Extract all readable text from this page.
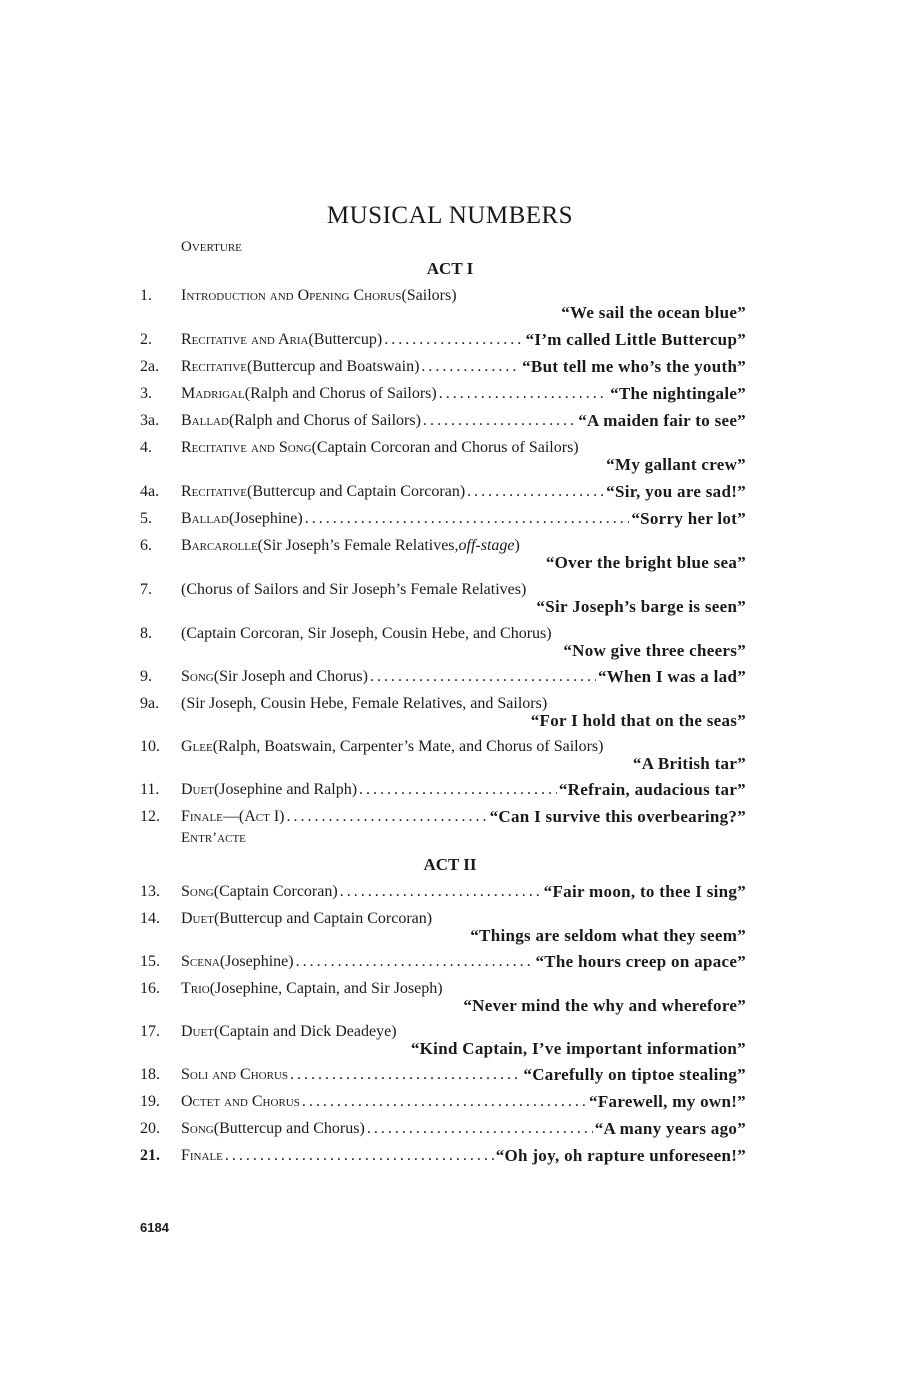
MUSICAL NUMBERS
Overture
ACT I
1.	Introduction and Opening Chorus (Sailors)
“We sail the ocean blue”
2.	Recitative and Aria (Buttercup) .....	“I’m called Little Buttercup”
2a.	Recitative (Buttercup and Boatswain) .....	“But tell me who’s the youth”
3.	Madrigal (Ralph and Chorus of Sailors) .....	“The nightingale”
3a.	Ballad (Ralph and Chorus of Sailors) .....	“A maiden fair to see”
4.	Recitative and Song (Captain Corcoran and Chorus of Sailors)
“My gallant crew”
4a.	Recitative (Buttercup and Captain Corcoran) .....	“Sir, you are sad!”
5.	Ballad (Josephine) .....	“Sorry her lot”
6.	Barcarolle (Sir Joseph’s Female Relatives, off-stage )
“Over the bright blue sea”
7.	(Chorus of Sailors and Sir Joseph’s Female Relatives)
“Sir Joseph’s barge is seen”
8.	(Captain Corcoran, Sir Joseph, Cousin Hebe, and Chorus)
“Now give three cheers”
9.	Song (Sir Joseph and Chorus) .....	“When I was a lad”
9a.	(Sir Joseph, Cousin Hebe, Female Relatives, and Sailors)
“For I hold that on the seas”
10.	Glee (Ralph, Boatswain, Carpenter’s Mate, and Chorus of Sailors)
“A British tar”
11.	Duet (Josephine and Ralph) .....	“Refrain, audacious tar”
12.	Finale—(Act I) .....	“Can I survive this overbearing?”
Entr’acte
ACT II
13.	Song (Captain Corcoran) .....	“Fair moon, to thee I sing”
14.	Duet (Buttercup and Captain Corcoran)
“Things are seldom what they seem”
15.	Scena (Josephine) .....	“The hours creep on apace”
16.	Trio (Josephine, Captain, and Sir Joseph)
“Never mind the why and wherefore”
17.	Duet (Captain and Dick Deadeye)
“Kind Captain, I’ve important information”
18.	Soli and Chorus .....	“Carefully on tiptoe stealing”
19.	Octet and Chorus .....	“Farewell, my own!”
20.	Song (Buttercup and Chorus) .....	“A many years ago”
21.	Finale .....	“Oh joy, oh rapture unforeseen!”
6184
